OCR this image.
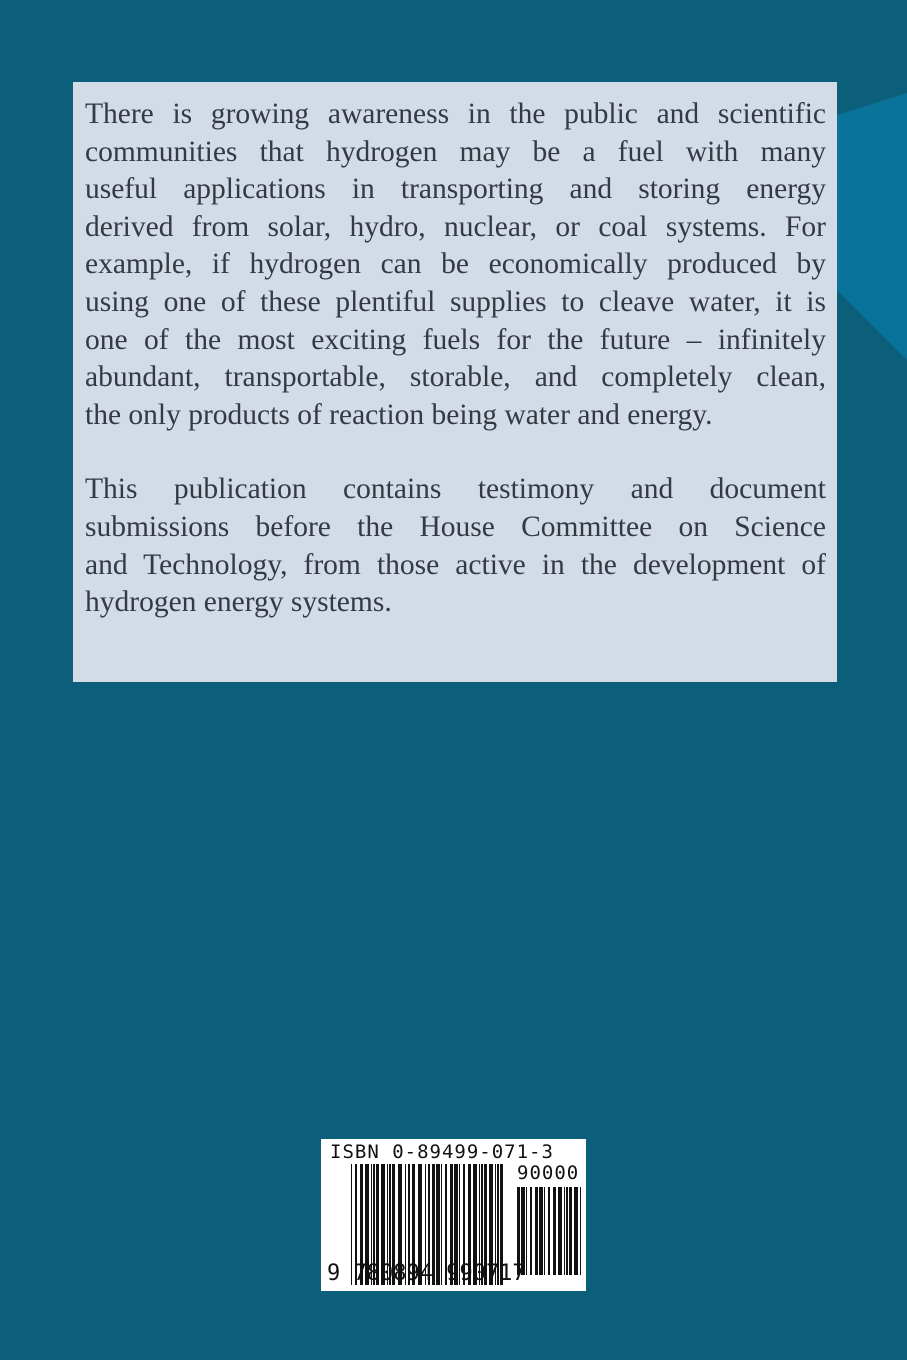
There is growing awareness in the public and scientific
communities that hydrogen may be a fuel with many
useful applications in transporting and storing energy
derived from solar, hydro, nuclear, or coal systems. For
example, if hydrogen can be economically produced by
using one of these plentiful supplies to cleave water, it is
one of the most exciting fuels for the future – infinitely
abundant, transportable, storable, and completely clean,
the only products of reaction being water and energy.

This publication contains testimony and document
submissions before the House Committee on Science
and Technology, from those active in the development of
hydrogen energy systems.

ISBN 0-89499-071-3
90000
9 780894 990717
